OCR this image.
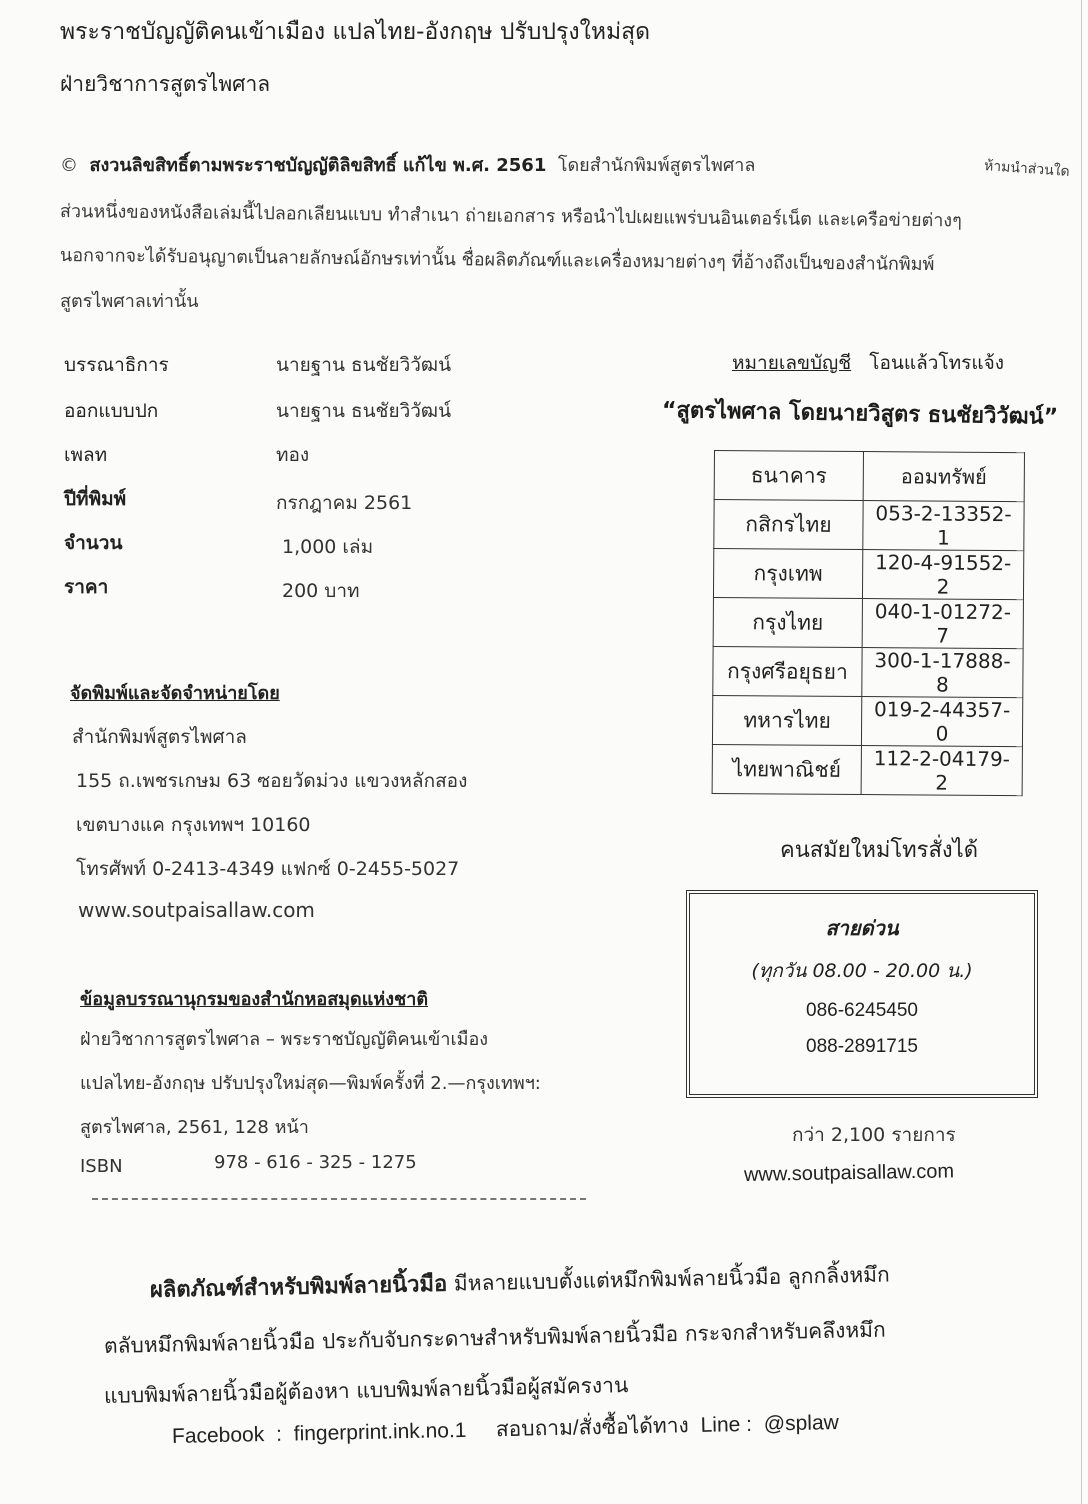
พระราชบัญญัติคนเข้าเมือง แปลไทย-อังกฤษ ปรับปรุงใหม่สุด
ฝ่ายวิชาการสูตรไพศาล
© สงวนลิขสิทธิ์ตามพระราชบัญญัติลิขสิทธิ์ แก้ไข พ.ศ. 2561 โดยสำนักพิมพ์สูตรไพศาล	ห้ามนำส่วนใด
ส่วนหนึ่งของหนังสือเล่มนี้ไปลอกเลียนแบบ ทำสำเนา ถ่ายเอกสาร หรือนำไปเผยแพร่บนอินเตอร์เน็ต และเครือข่ายต่างๆ
นอกจากจะได้รับอนุญาตเป็นลายลักษณ์อักษรเท่านั้น ชื่อผลิตภัณฑ์และเครื่องหมายต่างๆ ที่อ้างถึงเป็นของสำนักพิมพ์
สูตรไพศาลเท่านั้น
บรรณาธิการ	นายฐาน ธนชัยวิวัฒน์
ออกแบบปก	นายฐาน ธนชัยวิวัฒน์
เพลท	ทอง
ปีที่พิมพ์	กรกฎาคม 2561
จำนวน	1,000 เล่ม
ราคา	200 บาท
จัดพิมพ์และจัดจำหน่ายโดย
สำนักพิมพ์สูตรไพศาล
155 ถ.เพชรเกษม 63 ซอยวัดม่วง แขวงหลักสอง
เขตบางแค กรุงเทพฯ 10160
โทรศัพท์ 0-2413-4349 แฟกซ์ 0-2455-5027
www.soutpaisallaw.com
ข้อมูลบรรณานุกรมของสำนักหอสมุดแห่งชาติ
ฝ่ายวิชาการสูตรไพศาล – พระราชบัญญัติคนเข้าเมือง
แปลไทย-อังกฤษ ปรับปรุงใหม่สุด—พิมพ์ครั้งที่ 2.—กรุงเทพฯ:
สูตรไพศาล, 2561, 128 หน้า
ISBN	978 - 616 - 325 - 1275
หมายเลขบัญชี โอนแล้วโทรแจ้ง
“สูตรไพศาล โดยนายวิสูตร ธนชัยวิวัฒน์”
ธนาคาร	ออมทรัพย์
กสิกรไทย	053-2-13352-1
กรุงเทพ	120-4-91552-2
กรุงไทย	040-1-01272-7
กรุงศรีอยุธยา	300-1-17888-8
ทหารไทย	019-2-44357-0
ไทยพาณิชย์	112-2-04179-2
คนสมัยใหม่โทรสั่งได้
สายด่วน
(ทุกวัน 08.00 - 20.00 น.)
086-6245450
088-2891715
กว่า 2,100 รายการ
www.soutpaisallaw.com
ผลิตภัณฑ์สำหรับพิมพ์ลายนิ้วมือ มีหลายแบบตั้งแต่หมึกพิมพ์ลายนิ้วมือ ลูกกลิ้งหมึก
ตลับหมึกพิมพ์ลายนิ้วมือ ประกับจับกระดาษสำหรับพิมพ์ลายนิ้วมือ กระจกสำหรับคลึงหมึก
แบบพิมพ์ลายนิ้วมือผู้ต้องหา แบบพิมพ์ลายนิ้วมือผู้สมัครงาน
Facebook : fingerprint.ink.no.1 สอบถาม/สั่งซื้อได้ทาง Line : @splaw
